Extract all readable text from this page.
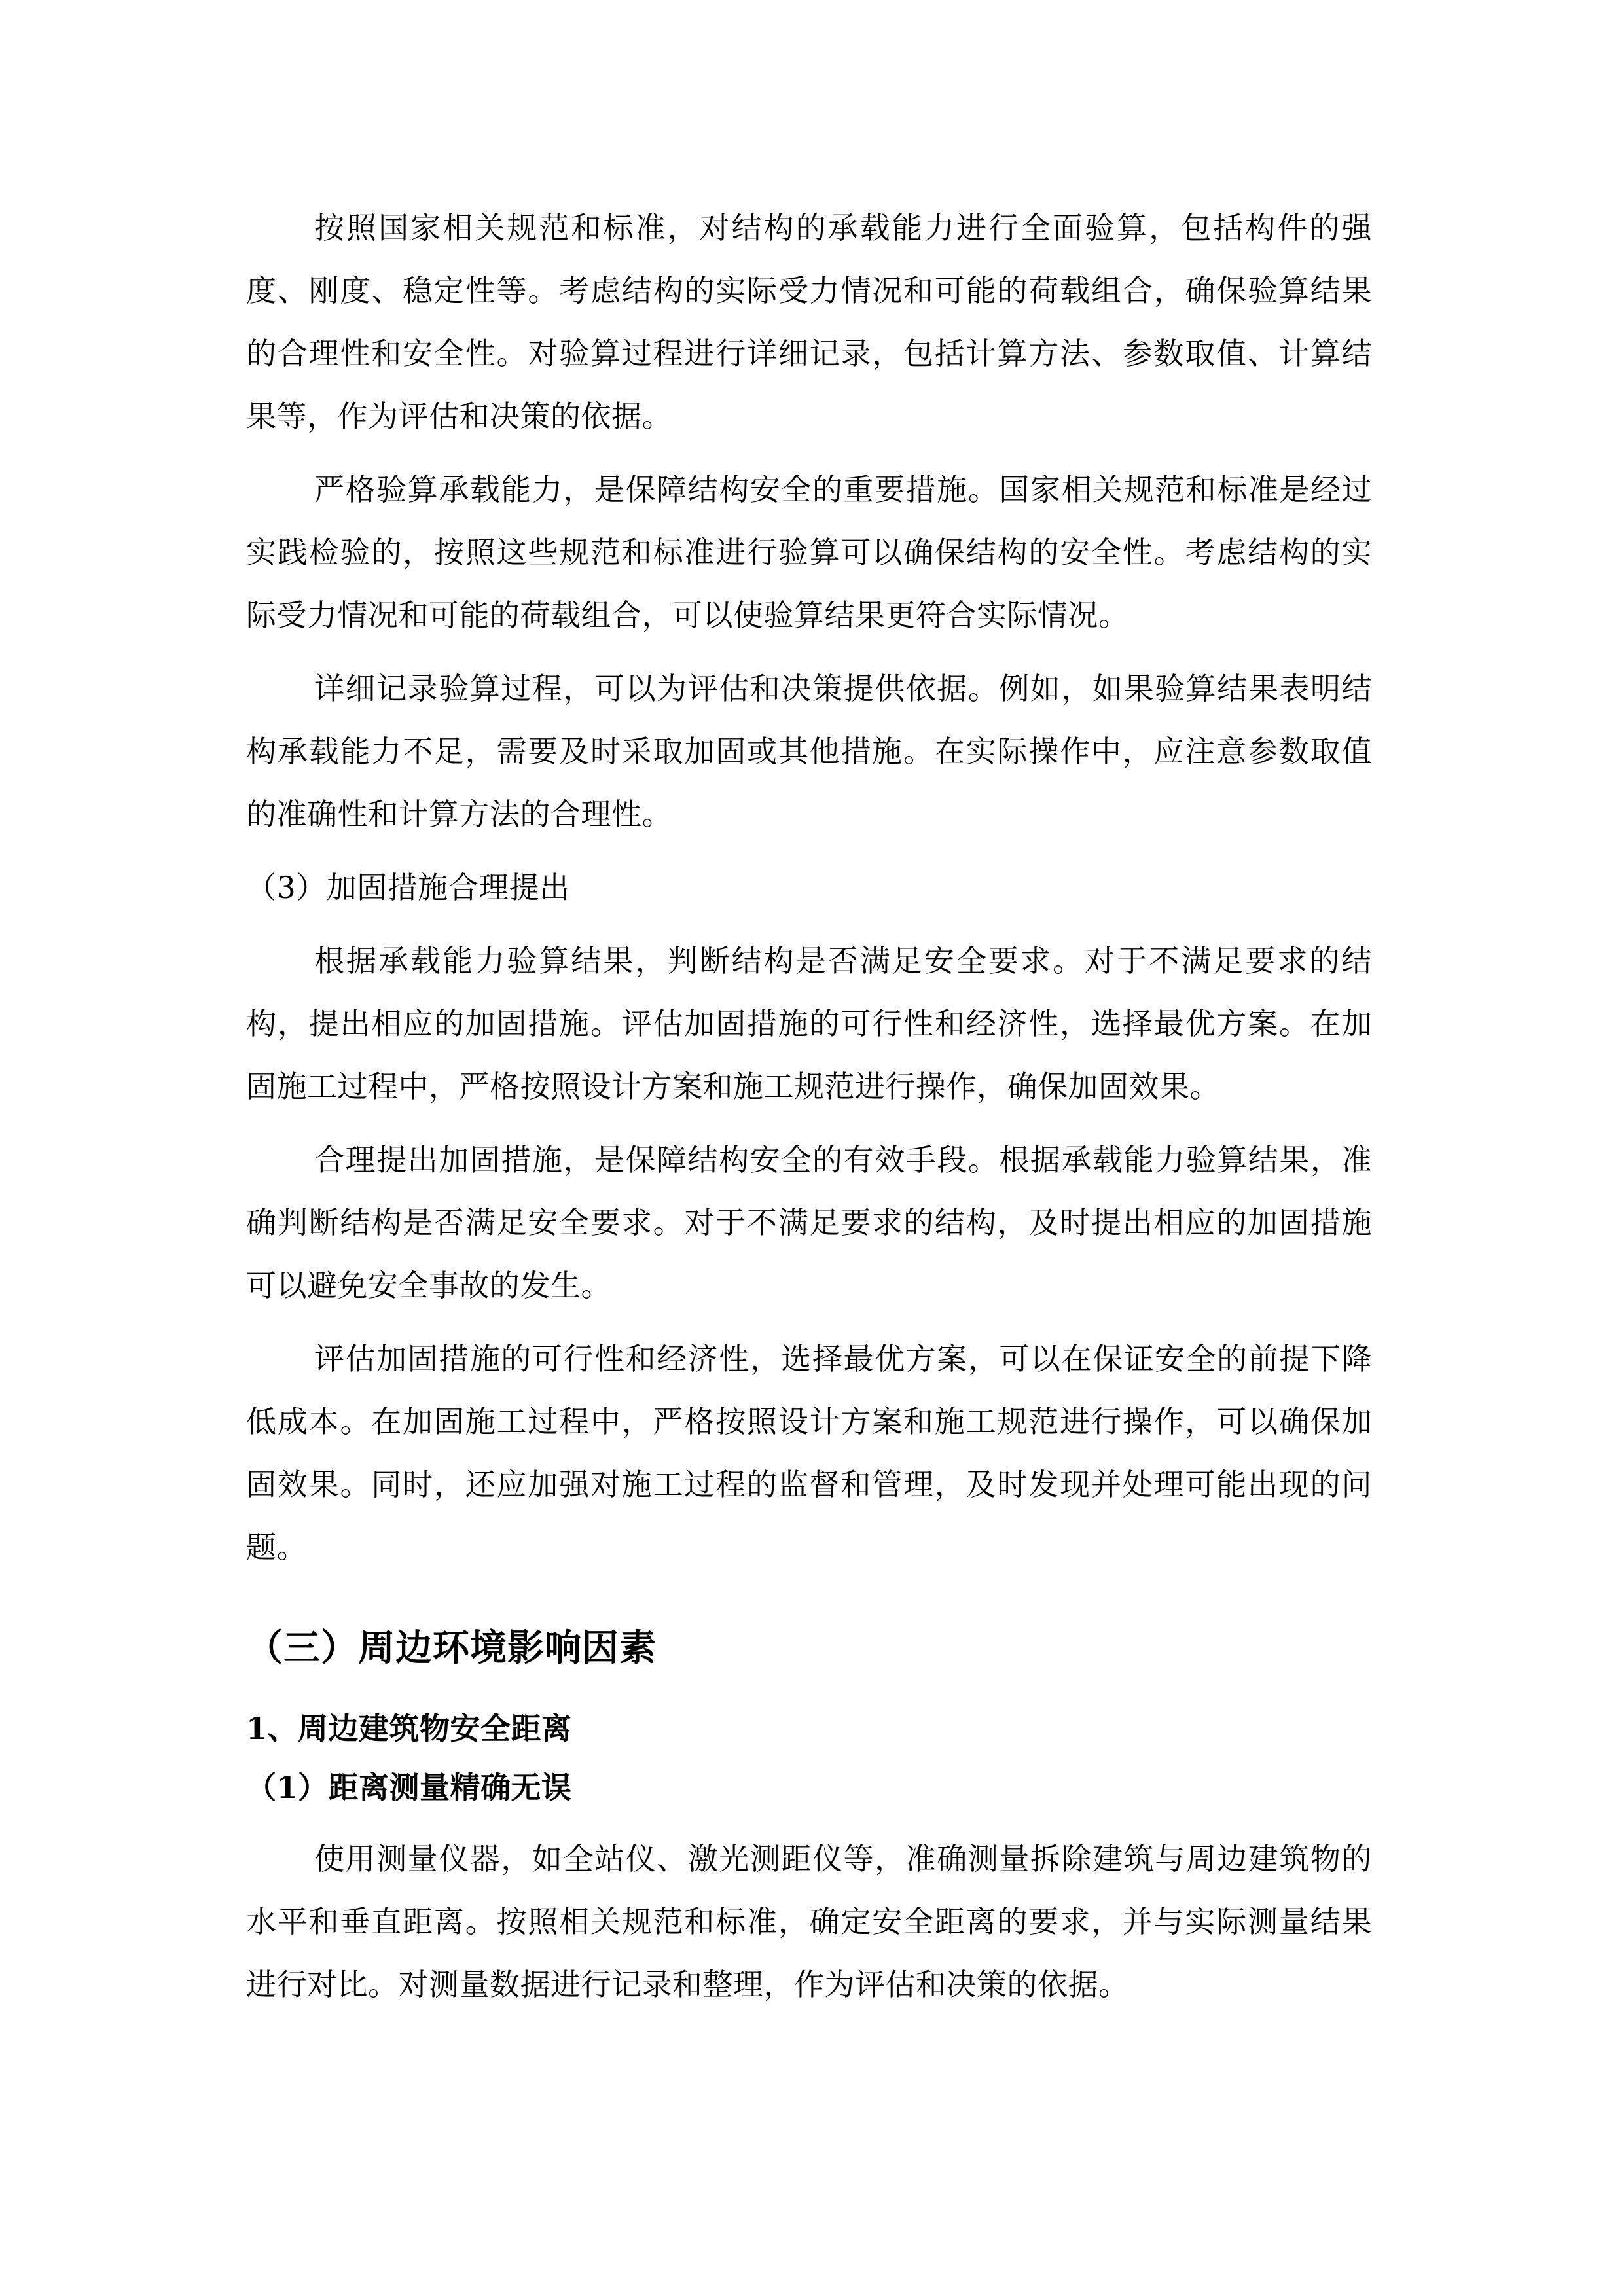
按照国家相关规范和标准，对结构的承载能力进行全面验算，包括构件的强度、刚度、稳定性等。考虑结构的实际受力情况和可能的荷载组合，确保验算结果的合理性和安全性。对验算过程进行详细记录，包括计算方法、参数取值、计算结果等，作为评估和决策的依据。

严格验算承载能力，是保障结构安全的重要措施。国家相关规范和标准是经过实践检验的，按照这些规范和标准进行验算可以确保结构的安全性。考虑结构的实际受力情况和可能的荷载组合，可以使验算结果更符合实际情况。

详细记录验算过程，可以为评估和决策提供依据。例如，如果验算结果表明结构承载能力不足，需要及时采取加固或其他措施。在实际操作中，应注意参数取值的准确性和计算方法的合理性。

（3）加固措施合理提出

根据承载能力验算结果，判断结构是否满足安全要求。对于不满足要求的结构，提出相应的加固措施。评估加固措施的可行性和经济性，选择最优方案。在加固施工过程中，严格按照设计方案和施工规范进行操作，确保加固效果。

合理提出加固措施，是保障结构安全的有效手段。根据承载能力验算结果，准确判断结构是否满足安全要求。对于不满足要求的结构，及时提出相应的加固措施可以避免安全事故的发生。

评估加固措施的可行性和经济性，选择最优方案，可以在保证安全的前提下降低成本。在加固施工过程中，严格按照设计方案和施工规范进行操作，可以确保加固效果。同时，还应加强对施工过程的监督和管理，及时发现并处理可能出现的问题。

（三）周边环境影响因素
1、周边建筑物安全距离
（1）距离测量精确无误

使用测量仪器，如全站仪、激光测距仪等，准确测量拆除建筑与周边建筑物的水平和垂直距离。按照相关规范和标准，确定安全距离的要求，并与实际测量结果进行对比。对测量数据进行记录和整理，作为评估和决策的依据。
